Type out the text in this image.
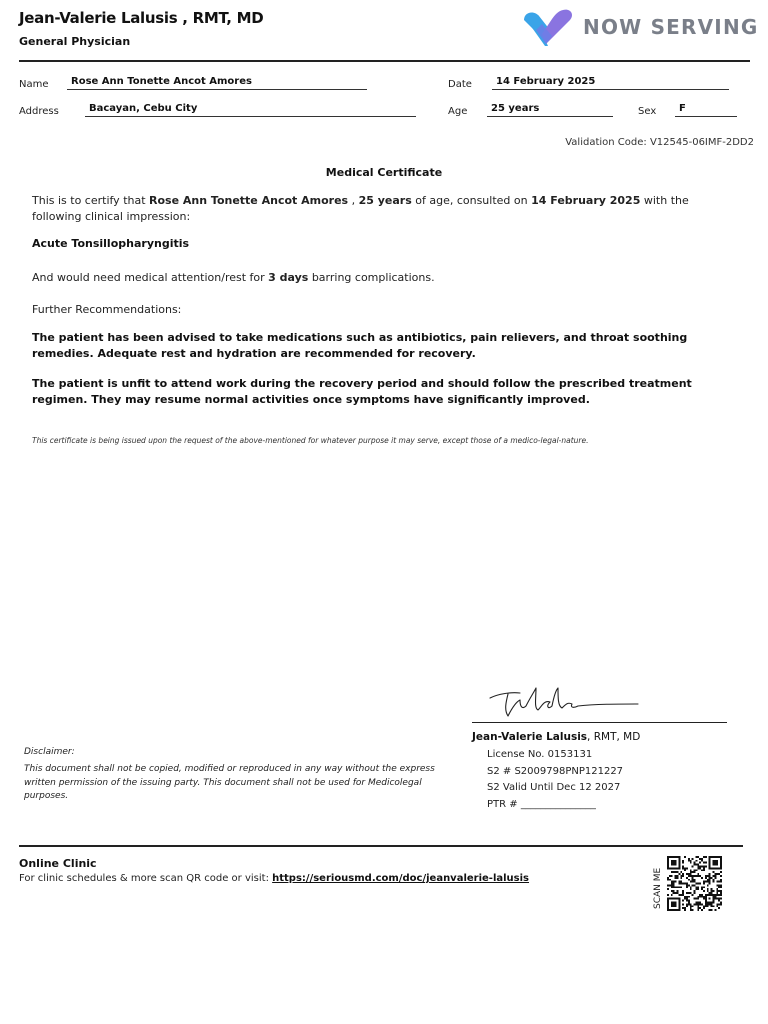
Jean-Valerie Lalusis , RMT, MD
General Physician
NOW SERVING
Name	Rose Ann Tonette Ancot Amores	Date	14 February 2025
Address	Bacayan, Cebu City	Age	25 years	Sex	F
Validation Code: V12545-06IMF-2DD2
Medical Certificate
This is to certify that Rose Ann Tonette Ancot Amores , 25 years of age, consulted on 14 February 2025 with the following clinical impression:
Acute Tonsillopharyngitis
And would need medical attention/rest for 3 days barring complications.
Further Recommendations:
The patient has been advised to take medications such as antibiotics, pain relievers, and throat soothing remedies. Adequate rest and hydration are recommended for recovery.
The patient is unfit to attend work during the recovery period and should follow the prescribed treatment regimen. They may resume normal activities once symptoms have significantly improved.
This certificate is being issued upon the request of the above-mentioned for whatever purpose it may serve, except those of a medico-legal-nature.
Jean-Valerie Lalusis, RMT, MD
License No. 0153131
S2 # S2009798PNP121227
S2 Valid Until Dec 12 2027
PTR # _______________
Disclaimer:
This document shall not be copied, modified or reproduced in any way without the express written permission of the issuing party. This document shall not be used for Medicolegal purposes.
Online Clinic
For clinic schedules & more scan QR code or visit: https://seriousmd.com/doc/jeanvalerie-lalusis	SCAN ME
